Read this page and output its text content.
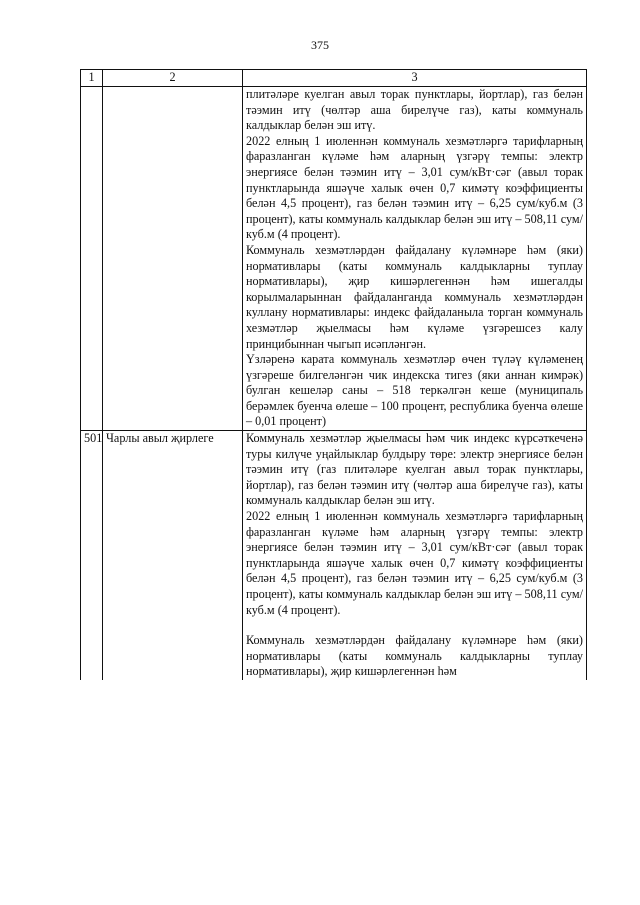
375
1	2	3

		плитәләре куелган авыл торак пунктлары, йортлар), газ белән тәэмин итү (чөлтәр аша бирелүче газ), каты коммуналь калдыклар белән эш итү.

2022 елның 1 июленнән коммуналь хезмәтләргә тарифларның фаразланган күләме һәм аларның үзгәрү темпы: электр энергиясе белән тәэмин итү – 3,01 сум/кВт·сәг (авыл торак пунктларында яшәүче халык өчен 0,7 кимәтү коэффициенты белән 4,5 процент), газ белән тәэмин итү – 6,25 сум/куб.м (3 процент), каты коммуналь калдыклар белән эш итү – 508,11 сум/куб.м (4 процент).

Коммуналь хезмәтләрдән файдалану күләмнәре һәм (яки) нормативлары (каты коммуналь калдыкларны туплау нормативлары), җир кишәрлегеннән һәм ишегалды корылмаларыннан файдаланганда коммуналь хезмәтләрдән куллану нормативлары: индекс файдаланыла торган коммуналь хезмәтләр җыелмасы һәм күләме үзгәрешсез калу принцибыннан чыгып исәпләнгән.

Үзләренә карата коммуналь хезмәтләр өчен түләү күләменең үзгәреше билгеләнгән чик индекска тигез (яки аннан кимрәк) булган кешеләр саны – 518 теркәлгән кеше (муниципаль берәмлек буенча өлеше – 100 процент, республика буенча өлеше – 0,01 процент)

501	Чарлы авыл җирлеге	Коммуналь хезмәтләр җыелмасы һәм чик индекс күрсәткеченә туры килүче уңайлыклар булдыру төре: электр энергиясе белән тәэмин итү (газ плитәләре куелган авыл торак пунктлары, йортлар), газ белән тәэмин итү (чөлтәр аша бирелүче газ), каты коммуналь калдыклар белән эш итү.

2022 елның 1 июленнән коммуналь хезмәтләргә тарифларның фаразланган күләме һәм аларның үзгәрү темпы: электр энергиясе белән тәэмин итү – 3,01 сум/кВт·сәг (авыл торак пунктларында яшәүче халык өчен 0,7 кимәтү коэффициенты белән 4,5 процент), газ белән тәэмин итү – 6,25 сум/куб.м (3 процент), каты коммуналь калдыклар белән эш итү – 508,11 сум/куб.м (4 процент).

Коммуналь хезмәтләрдән файдалану күләмнәре һәм (яки) нормативлары (каты коммуналь калдыкларны туплау нормативлары), җир кишәрлегеннән һәм
